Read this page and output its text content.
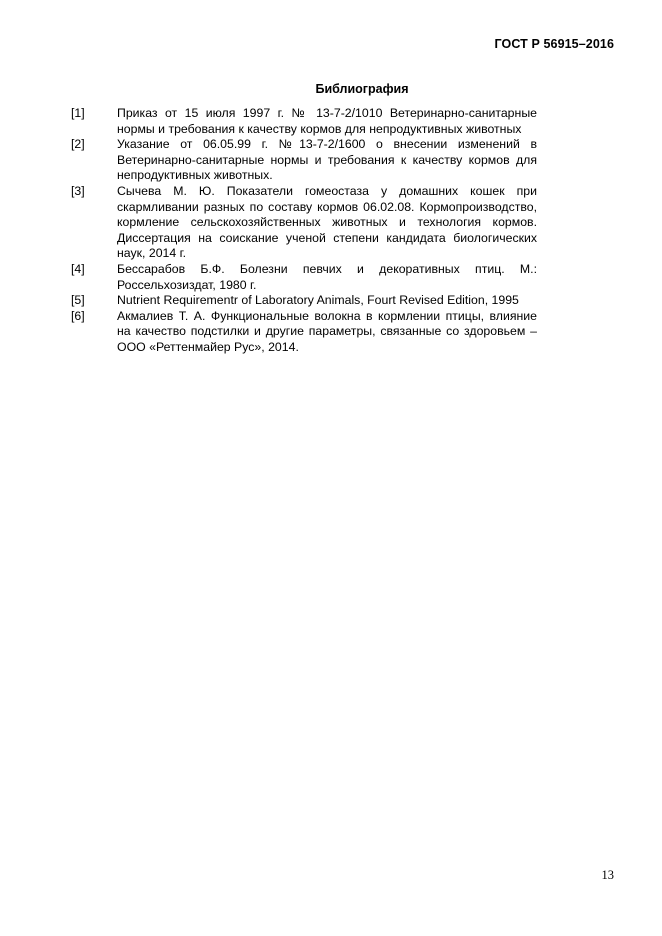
ГОСТ Р 56915–2016
Библиография
[1]	Приказ от 15 июля 1997 г. № 13-7-2/1010 Ветеринарно-санитарные нормы и требования к качеству кормов для непродуктивных животных
[2]	Указание от 06.05.99 г. №13-7-2/1600 о внесении изменений в Ветеринарно-санитарные нормы и требования к качеству кормов для непродуктивных животных.
[3]	Сычева М. Ю. Показатели гомеостаза у домашних кошек при скармливании разных по составу кормов 06.02.08. Кормопроизводство, кормление сельскохозяйственных животных и технология кормов. Диссертация на соискание ученой степени кандидата биологических наук, 2014 г.
[4]	Бессарабов Б.Ф. Болезни певчих и декоративных птиц. М.: Россельхозиздат, 1980 г.
[5]	Nutrient Requirementr of Laboratory Animals, Fourt Revised Edition, 1995
[6]	Акмалиев Т. А. Функциональные волокна в кормлении птицы, влияние на качество подстилки и другие параметры, связанные со здоровьем – ООО «Реттенмайер Рус», 2014.
13
